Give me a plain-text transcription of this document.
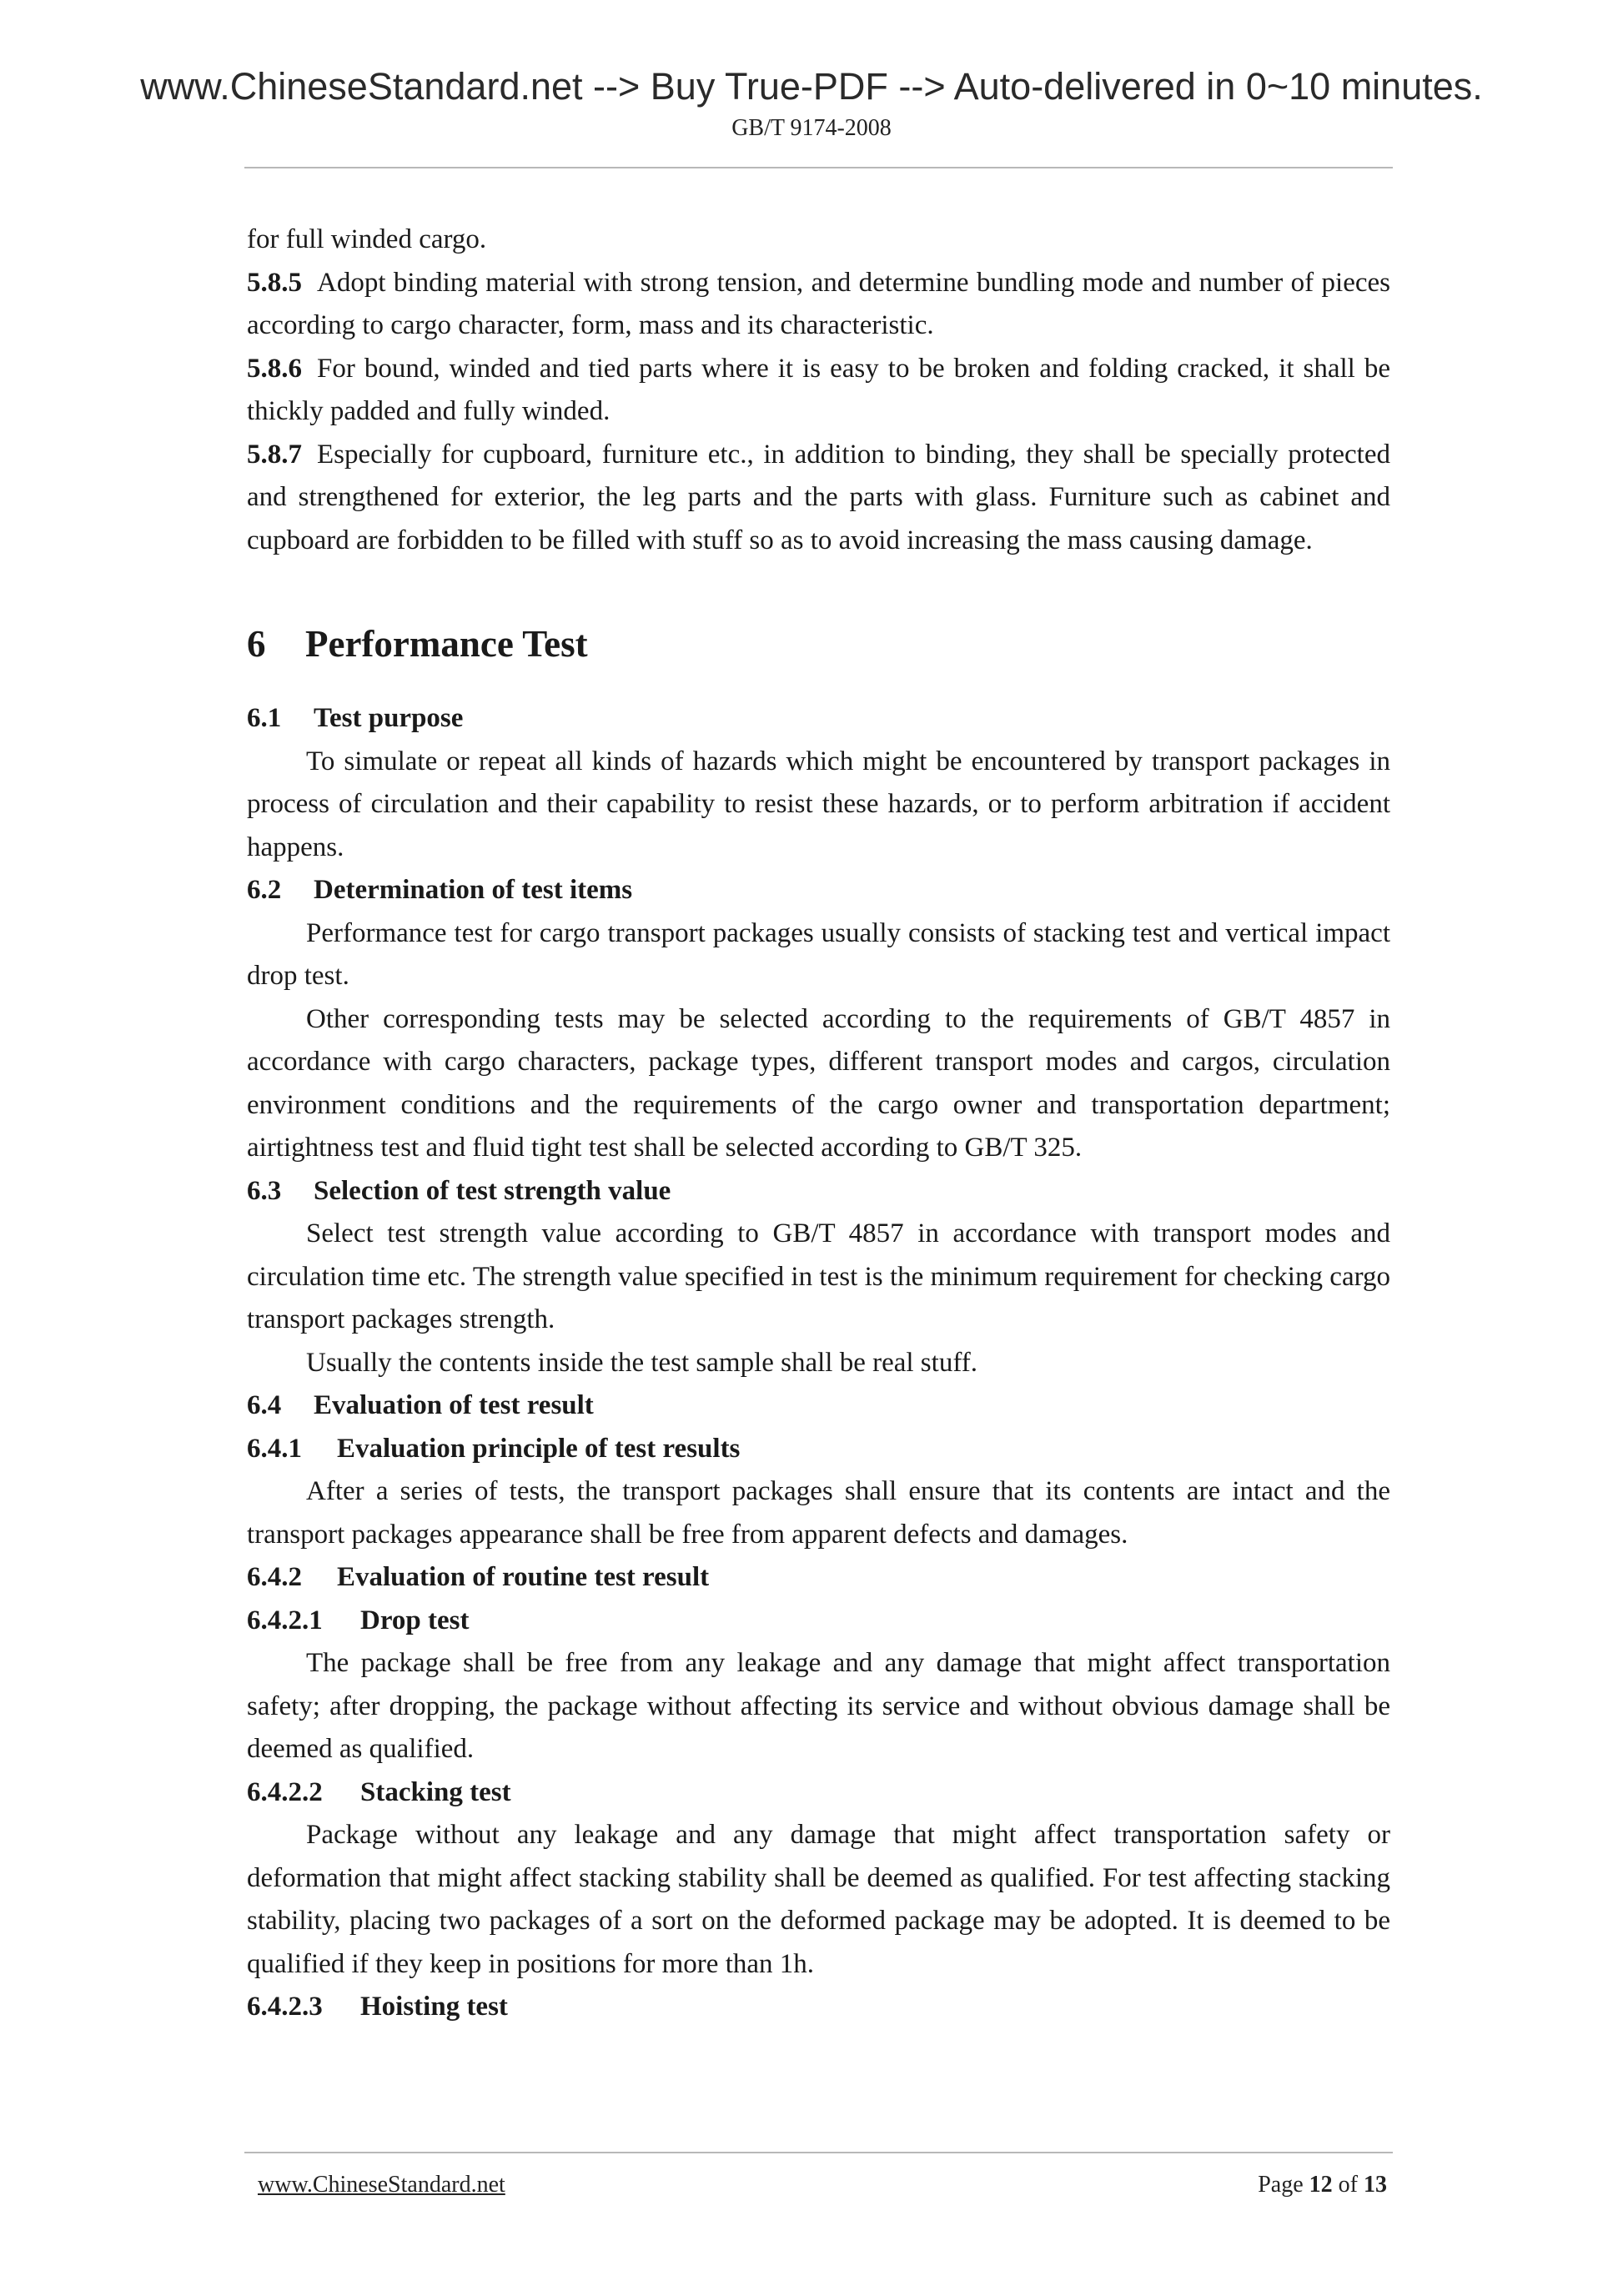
www.ChineseStandard.net --> Buy True-PDF --> Auto-delivered in 0~10 minutes.
GB/T 9174-2008

for full winded cargo.

5.8.5 Adopt binding material with strong tension, and determine bundling mode and number of pieces according to cargo character, form, mass and its characteristic.

5.8.6 For bound, winded and tied parts where it is easy to be broken and folding cracked, it shall be thickly padded and fully winded.

5.8.7 Especially for cupboard, furniture etc., in addition to binding, they shall be specially protected and strengthened for exterior, the leg parts and the parts with glass. Furniture such as cabinet and cupboard are forbidden to be filled with stuff so as to avoid increasing the mass causing damage.

6 Performance Test
6.1 Test purpose

To simulate or repeat all kinds of hazards which might be encountered by transport packages in process of circulation and their capability to resist these hazards, or to perform arbitration if accident happens.

6.2 Determination of test items

Performance test for cargo transport packages usually consists of stacking test and vertical impact drop test.

Other corresponding tests may be selected according to the requirements of GB/T 4857 in accordance with cargo characters, package types, different transport modes and cargos, circulation environment conditions and the requirements of the cargo owner and transportation department; airtightness test and fluid tight test shall be selected according to GB/T 325.

6.3 Selection of test strength value

Select test strength value according to GB/T 4857 in accordance with transport modes and circulation time etc. The strength value specified in test is the minimum requirement for checking cargo transport packages strength.

Usually the contents inside the test sample shall be real stuff.

6.4 Evaluation of test result
6.4.1 Evaluation principle of test results

After a series of tests, the transport packages shall ensure that its contents are intact and the transport packages appearance shall be free from apparent defects and damages.

6.4.2 Evaluation of routine test result
6.4.2.1 Drop test

The package shall be free from any leakage and any damage that might affect transportation safety; after dropping, the package without affecting its service and without obvious damage shall be deemed as qualified.

6.4.2.2 Stacking test

Package without any leakage and any damage that might affect transportation safety or deformation that might affect stacking stability shall be deemed as qualified. For test affecting stacking stability, placing two packages of a sort on the deformed package may be adopted. It is deemed to be qualified if they keep in positions for more than 1h.

6.4.2.3 Hoisting test
www.ChineseStandard.net	Page 12 of 13
